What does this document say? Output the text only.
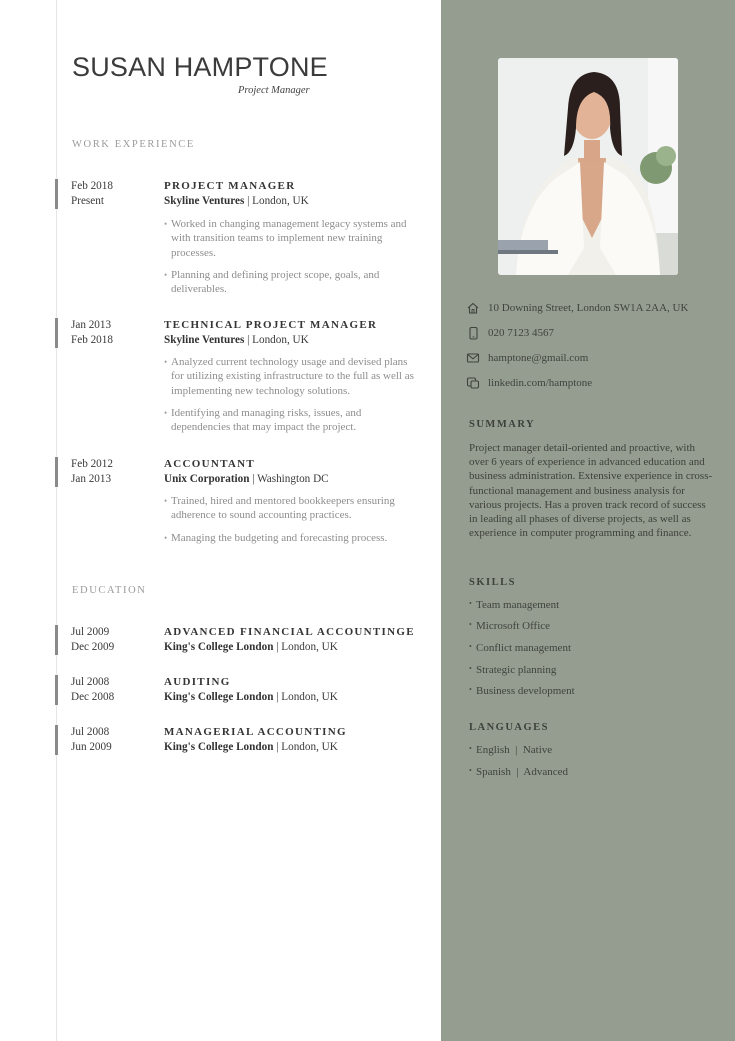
SUSAN HAMPTONE
Project Manager
WORK EXPERIENCE
Feb 2018
Present
PROJECT MANAGER
Skyline Ventures | London, UK
• Worked in changing management legacy systems and with transition teams to implement new training processes.
• Planning and defining project scope, goals, and deliverables.
Jan 2013
Feb 2018
TECHNICAL PROJECT MANAGER
Skyline Ventures | London, UK
• Analyzed current technology usage and devised plans for utilizing existing infrastructure to the full as well as implementing new technology solutions.
• Identifying and managing risks, issues, and dependencies that may impact the project.
Feb 2012
Jan 2013
ACCOUNTANT
Unix Corporation | Washington DC
• Trained, hired and mentored bookkeepers ensuring adherence to sound accounting practices.
• Managing the budgeting and forecasting process.
EDUCATION
Jul 2009
Dec 2009
ADVANCED FINANCIAL ACCOUNTINGE
King's College London | London, UK
Jul 2008
Dec 2008
AUDITING
King's College London | London, UK
Jul 2008
Jun 2009
MANAGERIAL ACCOUNTING
King's College London | London, UK
10 Downing Street, London SW1A 2AA, UK
020 7123 4567
hamptone@gmail.com
linkedin.com/hamptone
SUMMARY
Project manager detail-oriented and proactive, with over 6 years of experience in advanced education and business administration. Extensive experience in cross-functional management and business analysis for various projects. Has a proven track record of success in leading all phases of diverse projects, as well as experience in computer programming and finance.
SKILLS
• Team management
• Microsoft Office
• Conflict management
• Strategic planning
• Business development
LANGUAGES
• English  |  Native
• Spanish  |  Advanced
